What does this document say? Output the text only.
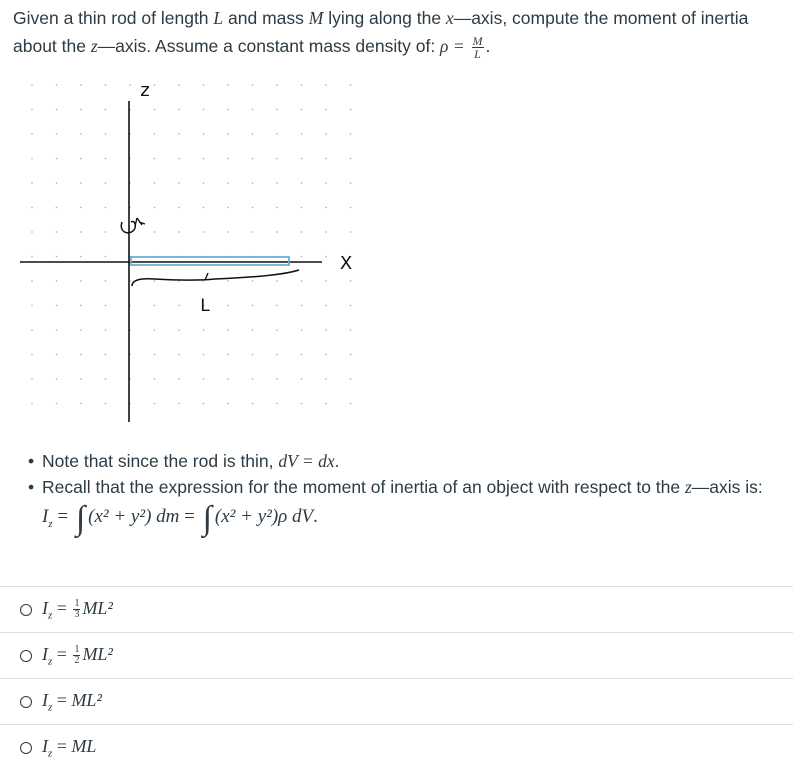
Given a thin rod of length L and mass M lying along the x—axis, compute the moment of inertia about the z—axis. Assume a constant mass density of: $\rho = \frac{M}{L}$ .
z
X
L
• Note that since the rod is thin, dV = dx.
• Recall that the expression for the moment of inertia of an object with respect to the z—axis is:
$I_z$ = ∫ (x² + y²) dm = ∫ (x² + y²)ρ dV.
$I_z = \frac{1}{3} ML^2$
$I_z = \frac{1}{2} ML^2$
$I_z = ML^2$
$I_z$ = ML
